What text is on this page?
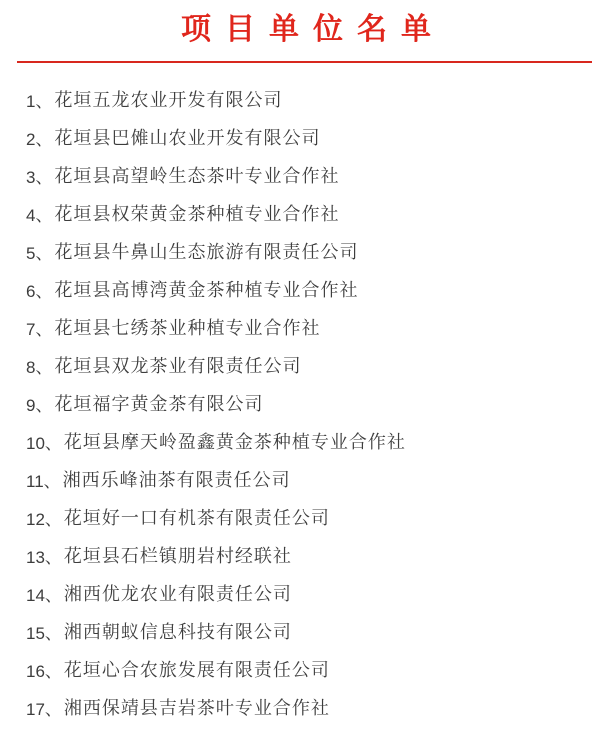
项目单位名单
1、 花垣五龙农业开发有限公司
2、 花垣县巴傩山农业开发有限公司
3、 花垣县高望岭生态茶叶专业合作社
4、 花垣县权荣黄金茶种植专业合作社
5、 花垣县牛鼻山生态旅游有限责任公司
6、 花垣县高博湾黄金茶种植专业合作社
7、 花垣县七绣茶业种植专业合作社
8、 花垣县双龙茶业有限责任公司
9、 花垣福字黄金茶有限公司
10、 花垣县摩天岭盈鑫黄金茶种植专业合作社
11、 湘西乐峰油茶有限责任公司
12、 花垣好一口有机茶有限责任公司
13、 花垣县石栏镇朋岩村经联社
14、 湘西优龙农业有限责任公司
15、 湘西朝蚁信息科技有限公司
16、 花垣心合农旅发展有限责任公司
17、 湘西保靖县吉岩茶叶专业合作社
